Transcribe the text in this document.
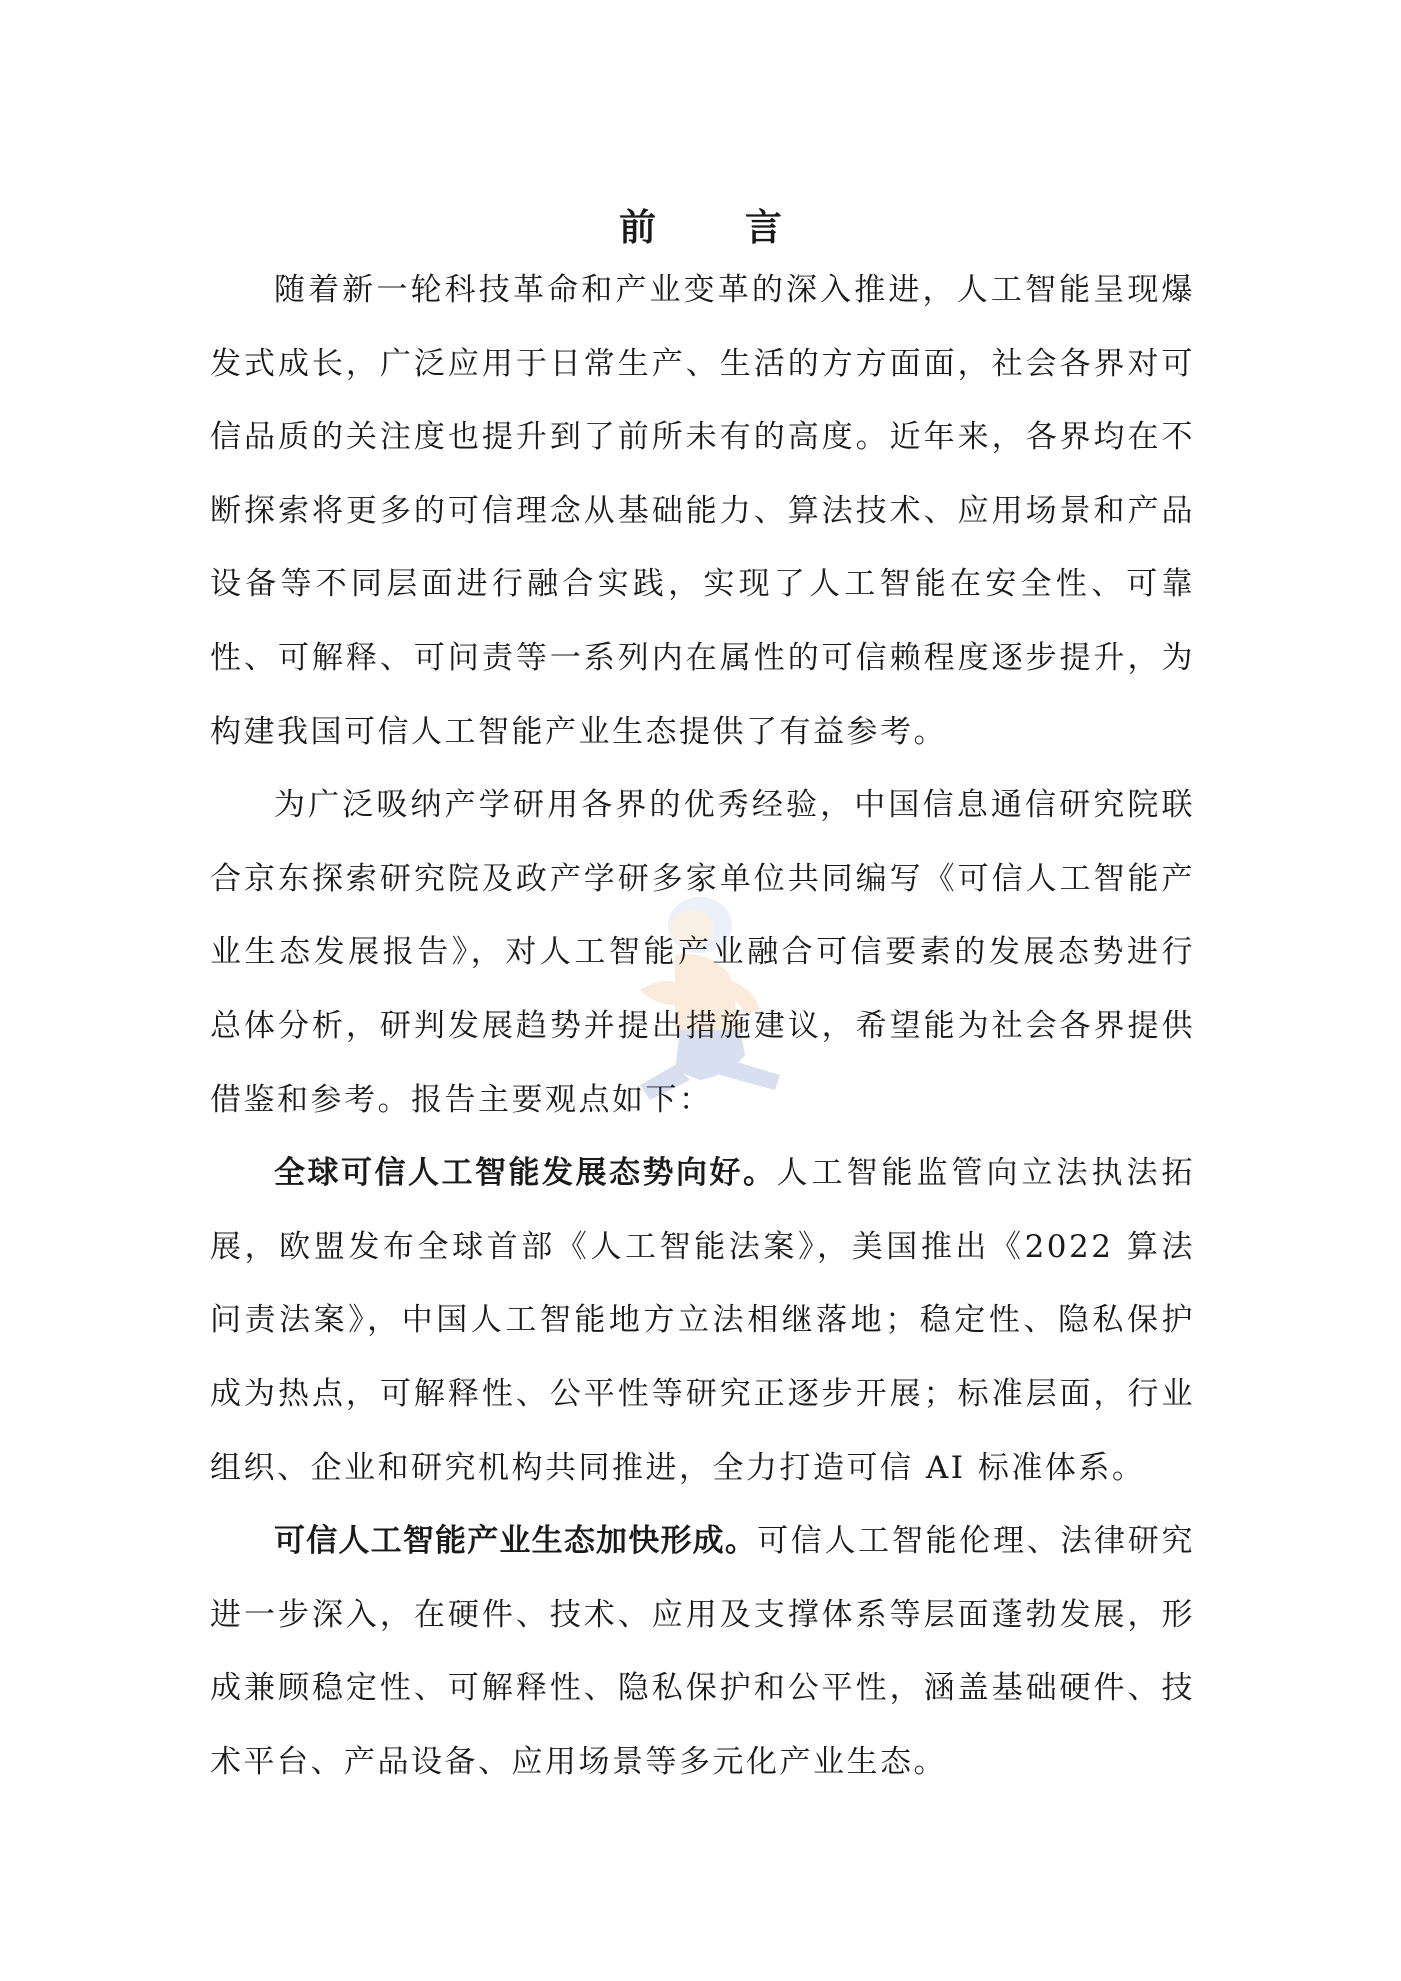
前 言

随着新一轮科技革命和产业变革的深入推进，人工智能呈现爆发式成长，广泛应用于日常生产、生活的方方面面，社会各界对可信品质的关注度也提升到了前所未有的高度。近年来，各界均在不断探索将更多的可信理念从基础能力、算法技术、应用场景和产品设备等不同层面进行融合实践，实现了人工智能在安全性、可靠性、可解释、可问责等一系列内在属性的可信赖程度逐步提升，为构建我国可信人工智能产业生态提供了有益参考。

为广泛吸纳产学研用各界的优秀经验，中国信息通信研究院联合京东探索研究院及政产学研多家单位共同编写《可信人工智能产业生态发展报告》，对人工智能产业融合可信要素的发展态势进行总体分析，研判发展趋势并提出措施建议，希望能为社会各界提供借鉴和参考。报告主要观点如下：

全球可信人工智能发展态势向好。人工智能监管向立法执法拓展，欧盟发布全球首部《人工智能法案》，美国推出《2022 算法问责法案》，中国人工智能地方立法相继落地；稳定性、隐私保护成为热点，可解释性、公平性等研究正逐步开展；标准层面，行业组织、企业和研究机构共同推进，全力打造可信 AI 标准体系。

可信人工智能产业生态加快形成。可信人工智能伦理、法律研究进一步深入，在硬件、技术、应用及支撑体系等层面蓬勃发展，形成兼顾稳定性、可解释性、隐私保护和公平性，涵盖基础硬件、技术平台、产品设备、应用场景等多元化产业生态。
